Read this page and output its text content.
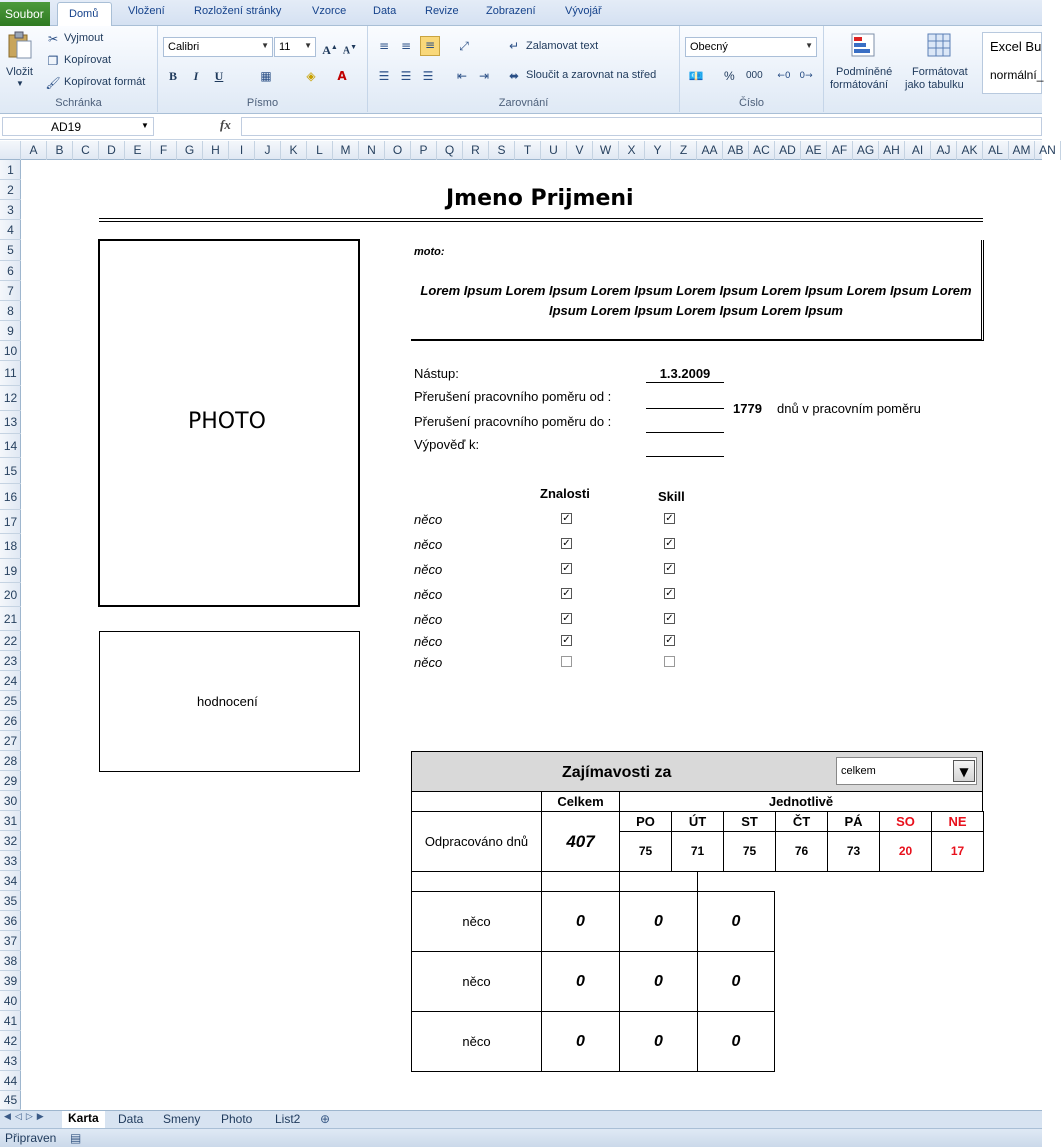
Soubor	Domů	Vložení	Rozložení stránky	Vzorce Data	Revize Zobrazení	Vývojář
Vložit
▼
✂ Vyjmout
❐ Kopírovat
🖌 Kopírovat formát
Schránka
Calibri	▼ 11 ▼ A▲ A▼
B	I	U	▦	◈ A
Písmo
≡ ≡	≡	⤢
☰ ☰ ☰ ⇤ ⇥
↵ Zalamovat text
⬌ Sloučit a zarovnat na střed
Zarovnání
Obecný	▼
💶 % 000 ←0 0→
Číslo
Podmíněné
formátování
Formátovat
jako tabulku
Excel Bu
normální_
AD19	▼	fx
A	B	C	D	E	F	G	H	I	J	K	L	M	N	O	P	Q	R	S	T	U	V	W	X	Y	Z	AA AB AC AD AE AF AG AH	AI	AJ AK AL AM AN
1
2
3
4
5
6
7
8
9
10
11
12
13
14
15
16
17
18
19
20
21
22
23
24
25
26
27
28
29
30
31
32
33
34
35
36
37
38
39
40
41
42
43
44
45
Jmeno Prijmeni
PHOTO
hodnocení
moto:
Lorem Ipsum Lorem Ipsum Lorem Ipsum Lorem Ipsum Lorem Ipsum Lorem Ipsum Lorem
Ipsum Lorem Ipsum Lorem Ipsum Lorem Ipsum
Nástup:	1.3.2009
Přerušení pracovního poměru od :
Přerušení pracovního poměru do :
Výpověď k:
1779 dnů v pracovním poměru
Znalosti	Skill
něco	✓	✓
něco	✓	✓
něco	✓	✓
něco	✓	✓
něco	✓	✓
něco	✓	✓
něco
Zajímavosti za	celkem	▼
Celkem	Jednotlivě
Odpracováno dnů	407
PO
75
ÚT
71
ST
75
ČT
76
PÁ
73
SO
20
NE
17
něco	0	0	0
něco	0	0	0
něco	0	0	0
◀◁▷▶	Karta	Data Smeny Photo List2 ⊕
Připraven ▤
